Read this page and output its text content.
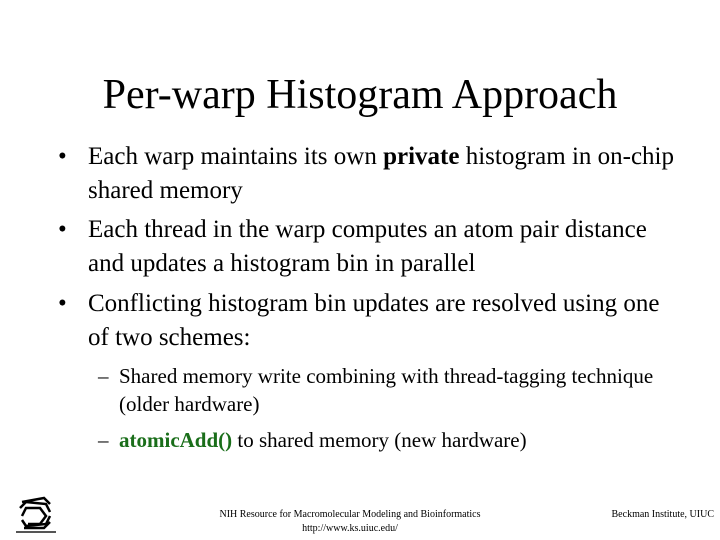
Per-warp Histogram Approach
• Each warp maintains its own private histogram in on-chip shared memory
• Each thread in the warp computes an atom pair distance and updates a histogram bin in parallel
• Conflicting histogram bin updates are resolved using one of two schemes:
– Shared memory write combining with thread-tagging technique (older hardware)
– atomicAdd() to shared memory (new hardware)
NIH Resource for Macromolecular Modeling and Bioinformatics
http://www.ks.uiuc.edu/
Beckman Institute, UIUC
